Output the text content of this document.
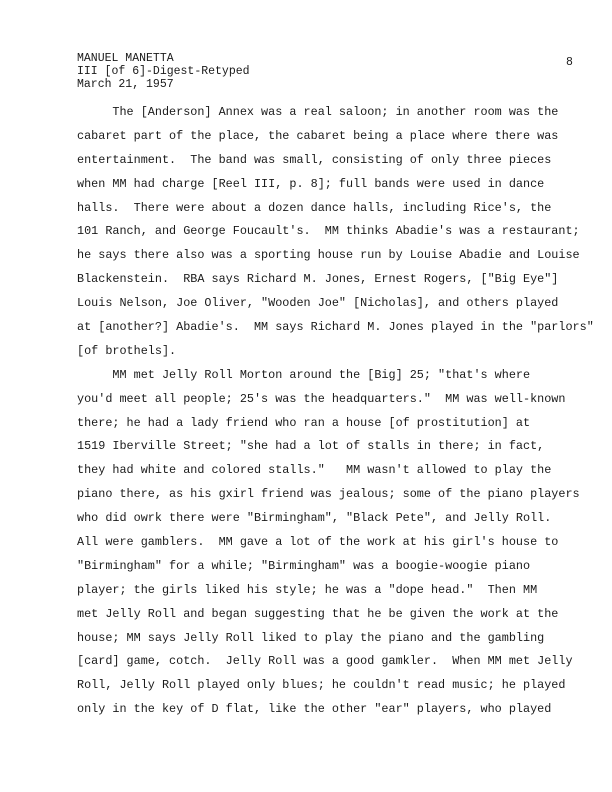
MANUEL MANETTA
III [of 6]-Digest-Retyped
March 21, 1957
8
The [Anderson] Annex was a real saloon; in another room was the
cabaret part of the place, the cabaret being a place where there was
entertainment.  The band was small, consisting of only three pieces
when MM had charge [Reel III, p. 8]; full bands were used in dance
halls.  There were about a dozen dance halls, including Rice's, the
101 Ranch, and George Foucault's.  MM thinks Abadie's was a restaurant;
he says there also was a sporting house run by Louise Abadie and Louise
Blackenstein.  RBA says Richard M. Jones, Ernest Rogers, ["Big Eye"]
Louis Nelson, Joe Oliver, "Wooden Joe" [Nicholas], and others played
at [another?] Abadie's.  MM says Richard M. Jones played in the "parlors"
[of brothels].
MM met Jelly Roll Morton around the [Big] 25; "that's where
you'd meet all people; 25's was the headquarters."  MM was well-known
there; he had a lady friend who ran a house [of prostitution] at
1519 Iberville Street; "she had a lot of stalls in there; in fact,
they had white and colored stalls."   MM wasn't allowed to play the
piano there, as his gxirl friend was jealous; some of the piano players
who did owrk there were "Birmingham", "Black Pete", and Jelly Roll.
All were gamblers.  MM gave a lot of the work at his girl's house to
"Birmingham" for a while; "Birmingham" was a boogie-woogie piano
player; the girls liked his style; he was a "dope head."  Then MM
met Jelly Roll and began suggesting that he be given the work at the
house; MM says Jelly Roll liked to play the piano and the gambling
[card] game, cotch.  Jelly Roll was a good gamkler.  When MM met Jelly
Roll, Jelly Roll played only blues; he couldn't read music; he played
only in the key of D flat, like the other "ear" players, who played
